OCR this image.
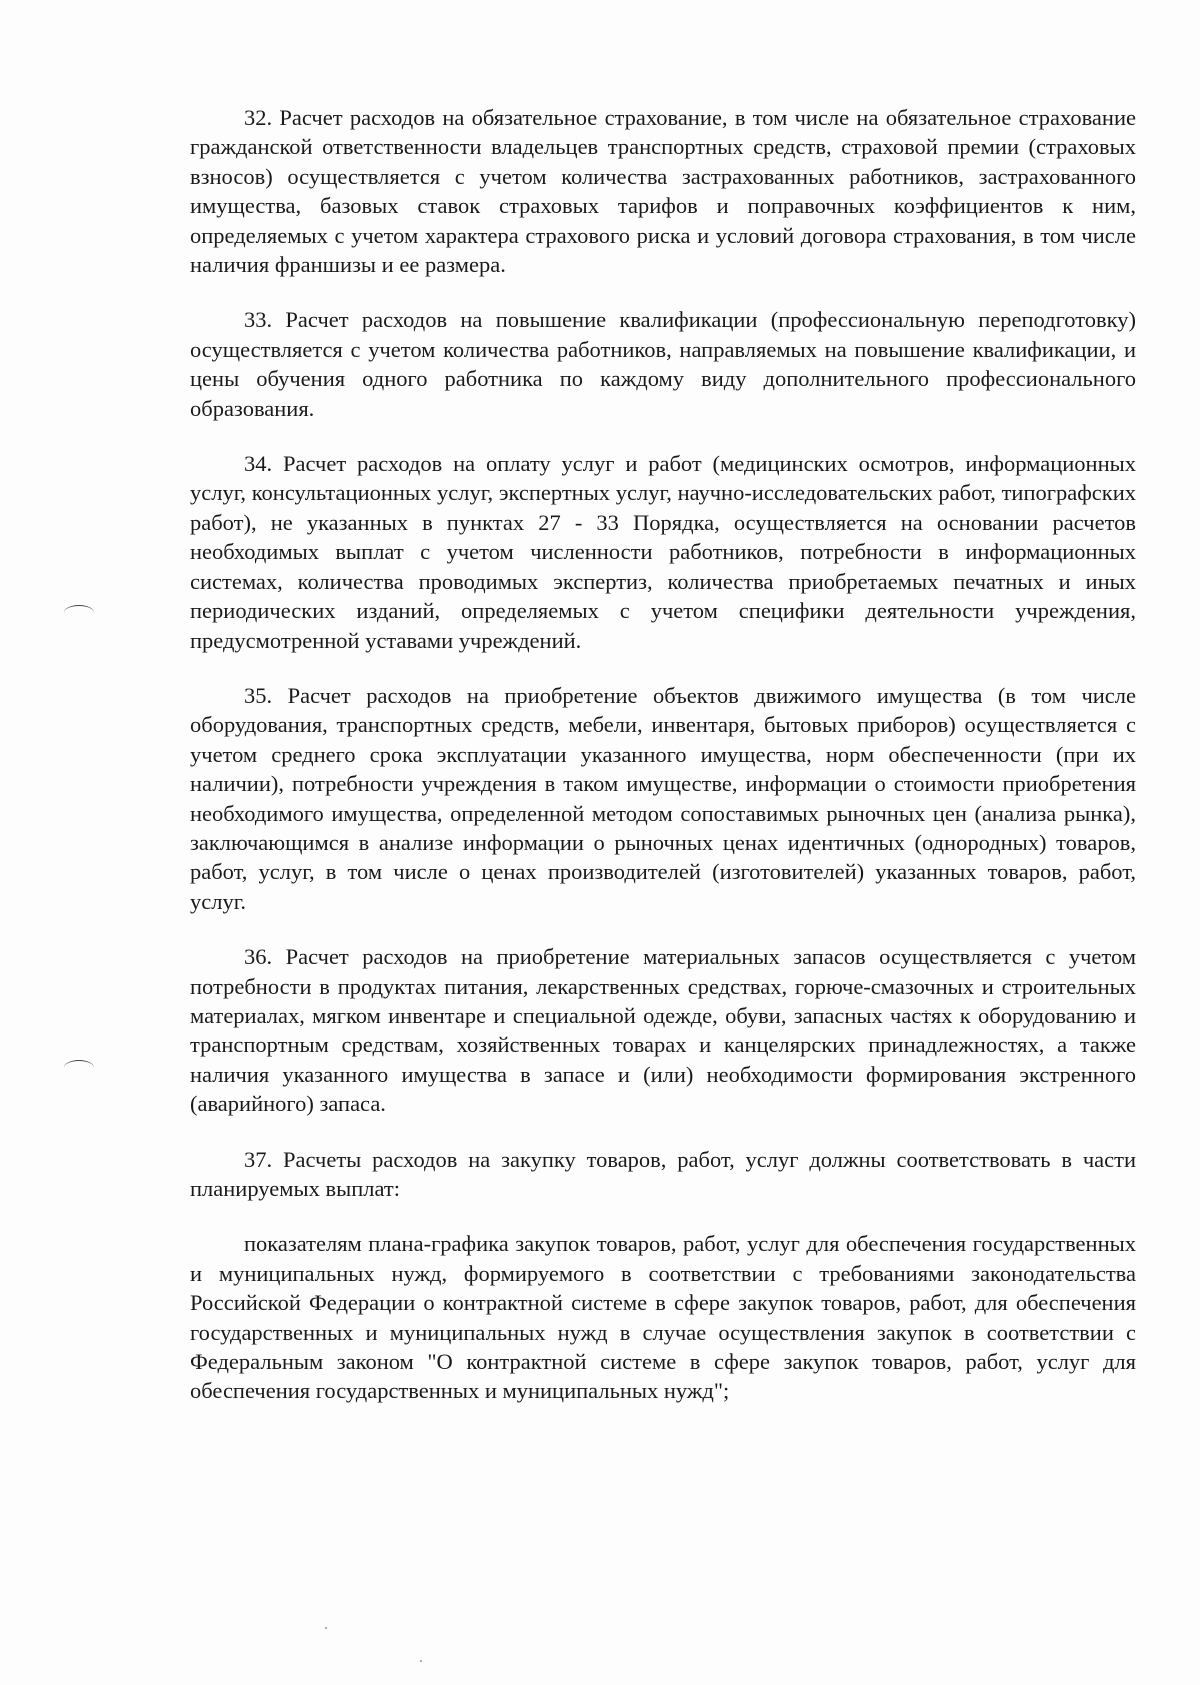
32. Расчет расходов на обязательное страхование, в том числе на обязательное страхование гражданской ответственности владельцев транспортных средств, страховой премии (страховых взносов) осуществляется с учетом количества застрахованных работников, застрахованного имущества, базовых ставок страховых тарифов и поправочных коэффициентов к ним, определяемых с учетом характера страхового риска и условий договора страхования, в том числе наличия франшизы и ее размера.

33. Расчет расходов на повышение квалификации (профессиональную переподготовку) осуществляется с учетом количества работников, направляемых на повышение квалификации, и цены обучения одного работника по каждому виду дополнительного профессионального образования.

34. Расчет расходов на оплату услуг и работ (медицинских осмотров, информационных услуг, консультационных услуг, экспертных услуг, научно-исследовательских работ, типографских работ), не указанных в пунктах 27 - 33 Порядка, осуществляется на основании расчетов необходимых выплат с учетом численности работников, потребности в информационных системах, количества проводимых экспертиз, количества приобретаемых печатных и иных периодических изданий, определяемых с учетом специфики деятельности учреждения, предусмотренной уставами учреждений.

35. Расчет расходов на приобретение объектов движимого имущества (в том числе оборудования, транспортных средств, мебели, инвентаря, бытовых приборов) осуществляется с учетом среднего срока эксплуатации указанного имущества, норм обеспеченности (при их наличии), потребности учреждения в таком имуществе, информации о стоимости приобретения необходимого имущества, определенной методом сопоставимых рыночных цен (анализа рынка), заключающимся в анализе информации о рыночных ценах идентичных (однородных) товаров, работ, услуг, в том числе о ценах производителей (изготовителей) указанных товаров, работ, услуг.

36. Расчет расходов на приобретение материальных запасов осуществляется с учетом потребности в продуктах питания, лекарственных средствах, горюче-смазочных и строительных материалах, мягком инвентаре и специальной одежде, обуви, запасных частях к оборудованию и транспортным средствам, хозяйственных товарах и канцелярских принадлежностях, а также наличия указанного имущества в запасе и (или) необходимости формирования экстренного (аварийного) запаса.

37. Расчеты расходов на закупку товаров, работ, услуг должны соответствовать в части планируемых выплат:

показателям плана-графика закупок товаров, работ, услуг для обеспечения государственных и муниципальных нужд, формируемого в соответствии с требованиями законодательства Российской Федерации о контрактной системе в сфере закупок товаров, работ, для обеспечения государственных и муниципальных нужд в случае осуществления закупок в соответствии с Федеральным законом "О контрактной системе в сфере закупок товаров, работ, услуг для обеспечения государственных и муниципальных нужд";
